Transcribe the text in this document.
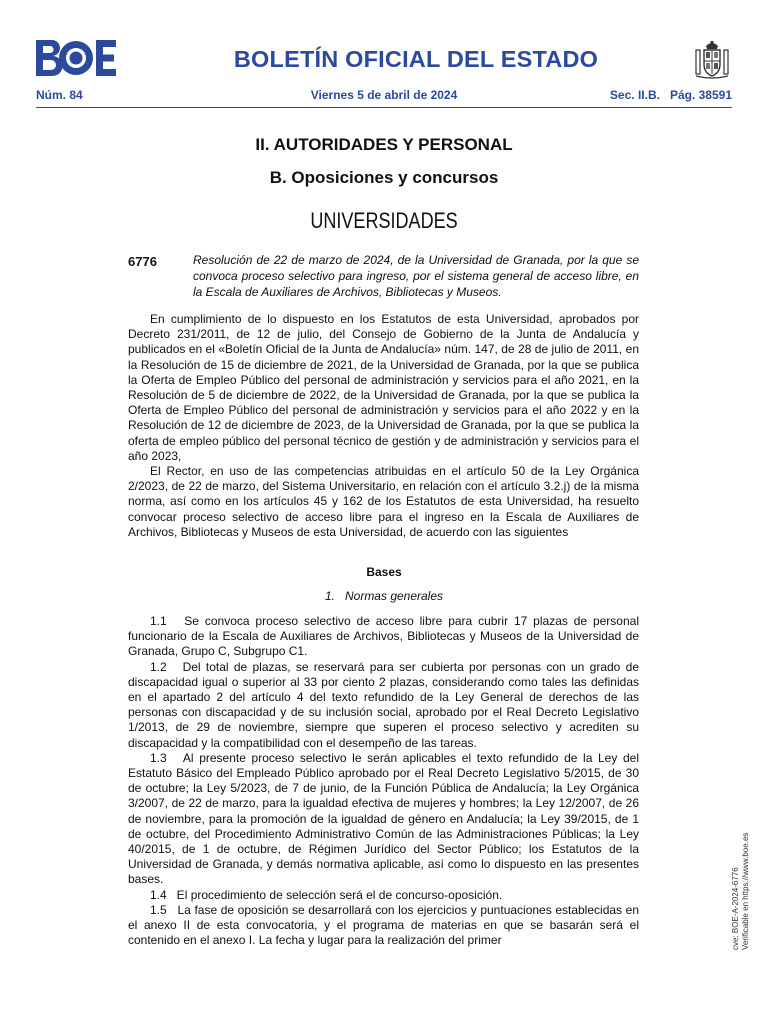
BOLETÍN OFICIAL DEL ESTADO
Núm. 84	Viernes 5 de abril de 2024	Sec. II.B.   Pág. 38591
II. AUTORIDADES Y PERSONAL
B. Oposiciones y concursos
UNIVERSIDADES
6776	Resolución de 22 de marzo de 2024, de la Universidad de Granada, por la que se convoca proceso selectivo para ingreso, por el sistema general de acceso libre, en la Escala de Auxiliares de Archivos, Bibliotecas y Museos.

En cumplimiento de lo dispuesto en los Estatutos de esta Universidad, aprobados por Decreto 231/2011, de 12 de julio, del Consejo de Gobierno de la Junta de Andalucía y publicados en el «Boletín Oficial de la Junta de Andalucía» núm. 147, de 28 de julio de 2011, en la Resolución de 15 de diciembre de 2021, de la Universidad de Granada, por la que se publica la Oferta de Empleo Público del personal de administración y servicios para el año 2021, en la Resolución de 5 de diciembre de 2022, de la Universidad de Granada, por la que se publica la Oferta de Empleo Público del personal de administración y servicios para el año 2022 y en la Resolución de 12 de diciembre de 2023, de la Universidad de Granada, por la que se publica la oferta de empleo público del personal técnico de gestión y de administración y servicios para el año 2023,

El Rector, en uso de las competencias atribuidas en el artículo 50 de la Ley Orgánica 2/2023, de 22 de marzo, del Sistema Universitario, en relación con el artículo 3.2.j) de la misma norma, así como en los artículos 45 y 162 de los Estatutos de esta Universidad, ha resuelto convocar proceso selectivo de acceso libre para el ingreso en la Escala de Auxiliares de Archivos, Bibliotecas y Museos de esta Universidad, de acuerdo con las siguientes

Bases
1.   Normas generales

1.1   Se convoca proceso selectivo de acceso libre para cubrir 17 plazas de personal funcionario de la Escala de Auxiliares de Archivos, Bibliotecas y Museos de la Universidad de Granada, Grupo C, Subgrupo C1.

1.2   Del total de plazas, se reservará para ser cubierta por personas con un grado de discapacidad igual o superior al 33 por ciento 2 plazas, considerando como tales las definidas en el apartado 2 del artículo 4 del texto refundido de la Ley General de derechos de las personas con discapacidad y de su inclusión social, aprobado por el Real Decreto Legislativo 1/2013, de 29 de noviembre, siempre que superen el proceso selectivo y acrediten su discapacidad y la compatibilidad con el desempeño de las tareas.

1.3   Al presente proceso selectivo le serán aplicables el texto refundido de la Ley del Estatuto Básico del Empleado Público aprobado por el Real Decreto Legislativo 5/2015, de 30 de octubre; la Ley 5/2023, de 7 de junio, de la Función Pública de Andalucía; la Ley Orgánica 3/2007, de 22 de marzo, para la igualdad efectiva de mujeres y hombres; la Ley 12/2007, de 26 de noviembre, para la promoción de la igualdad de género en Andalucía; la Ley 39/2015, de 1 de octubre, del Procedimiento Administrativo Común de las Administraciones Públicas; la Ley 40/2015, de 1 de octubre, de Régimen Jurídico del Sector Público; los Estatutos de la Universidad de Granada, y demás normativa aplicable, así como lo dispuesto en las presentes bases.

1.4   El procedimiento de selección será el de concurso-oposición.

1.5   La fase de oposición se desarrollará con los ejercicios y puntuaciones establecidas en el anexo II de esta convocatoria, y el programa de materias en que se basarán será el contenido en el anexo I. La fecha y lugar para la realización del primer	cve: BOE-A-2024-6776 Verificable en https://www.boe.es
